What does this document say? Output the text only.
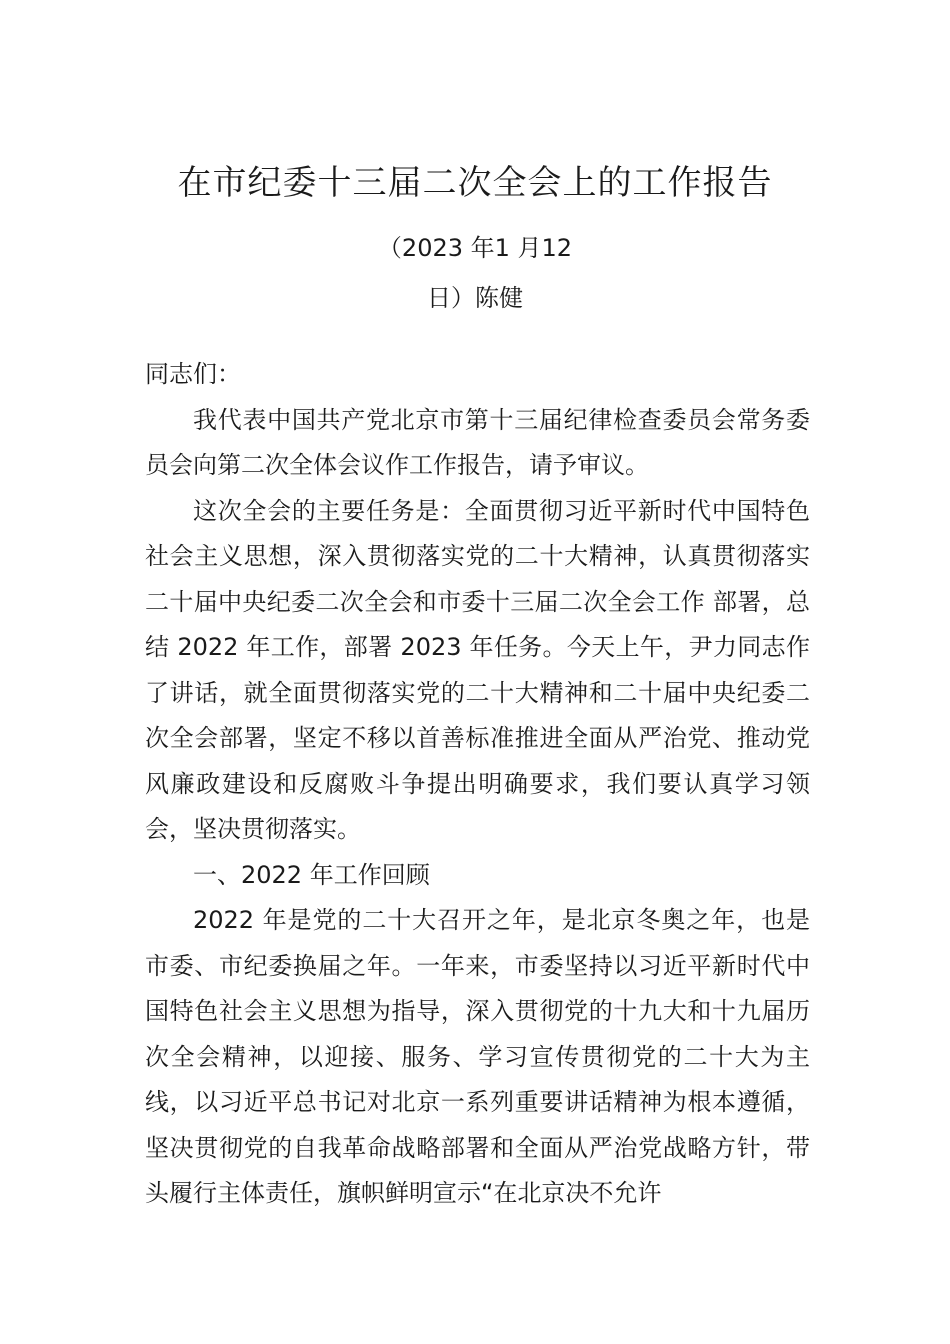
在市纪委十三届二次全会上的工作报告
（2023 年1 月12
日）陈健

同志们：

我代表中国共产党北京市第十三届纪律检查委员会常务委员会向第二次全体会议作工作报告，请予审议。

这次全会的主要任务是：全面贯彻习近平新时代中国特色社会主义思想，深入贯彻落实党的二十大精神，认真贯彻落实二十届中央纪委二次全会和市委十三届二次全会工作 部署，总结 2022 年工作，部署 2023 年任务。今天上午，尹力同志作了讲话，就全面贯彻落实党的二十大精神和二十届中央纪委二次全会部署，坚定不移以首善标准推进全面从严治党、推动党风廉政建设和反腐败斗争提出明确要求，我们要认真学习领会，坚决贯彻落实。

一、2022 年工作回顾

2022 年是党的二十大召开之年，是北京冬奥之年，也是市委、市纪委换届之年。一年来，市委坚持以习近平新时代中国特色社会主义思想为指导，深入贯彻党的十九大和十九届历次全会精神，以迎接、服务、学习宣传贯彻党的二十大为主线，以习近平总书记对北京一系列重要讲话精神为根本遵循，坚决贯彻党的自我革命战略部署和全面从严治党战略方针，带头履行主体责任，旗帜鲜明宣示“在北京决不允许
